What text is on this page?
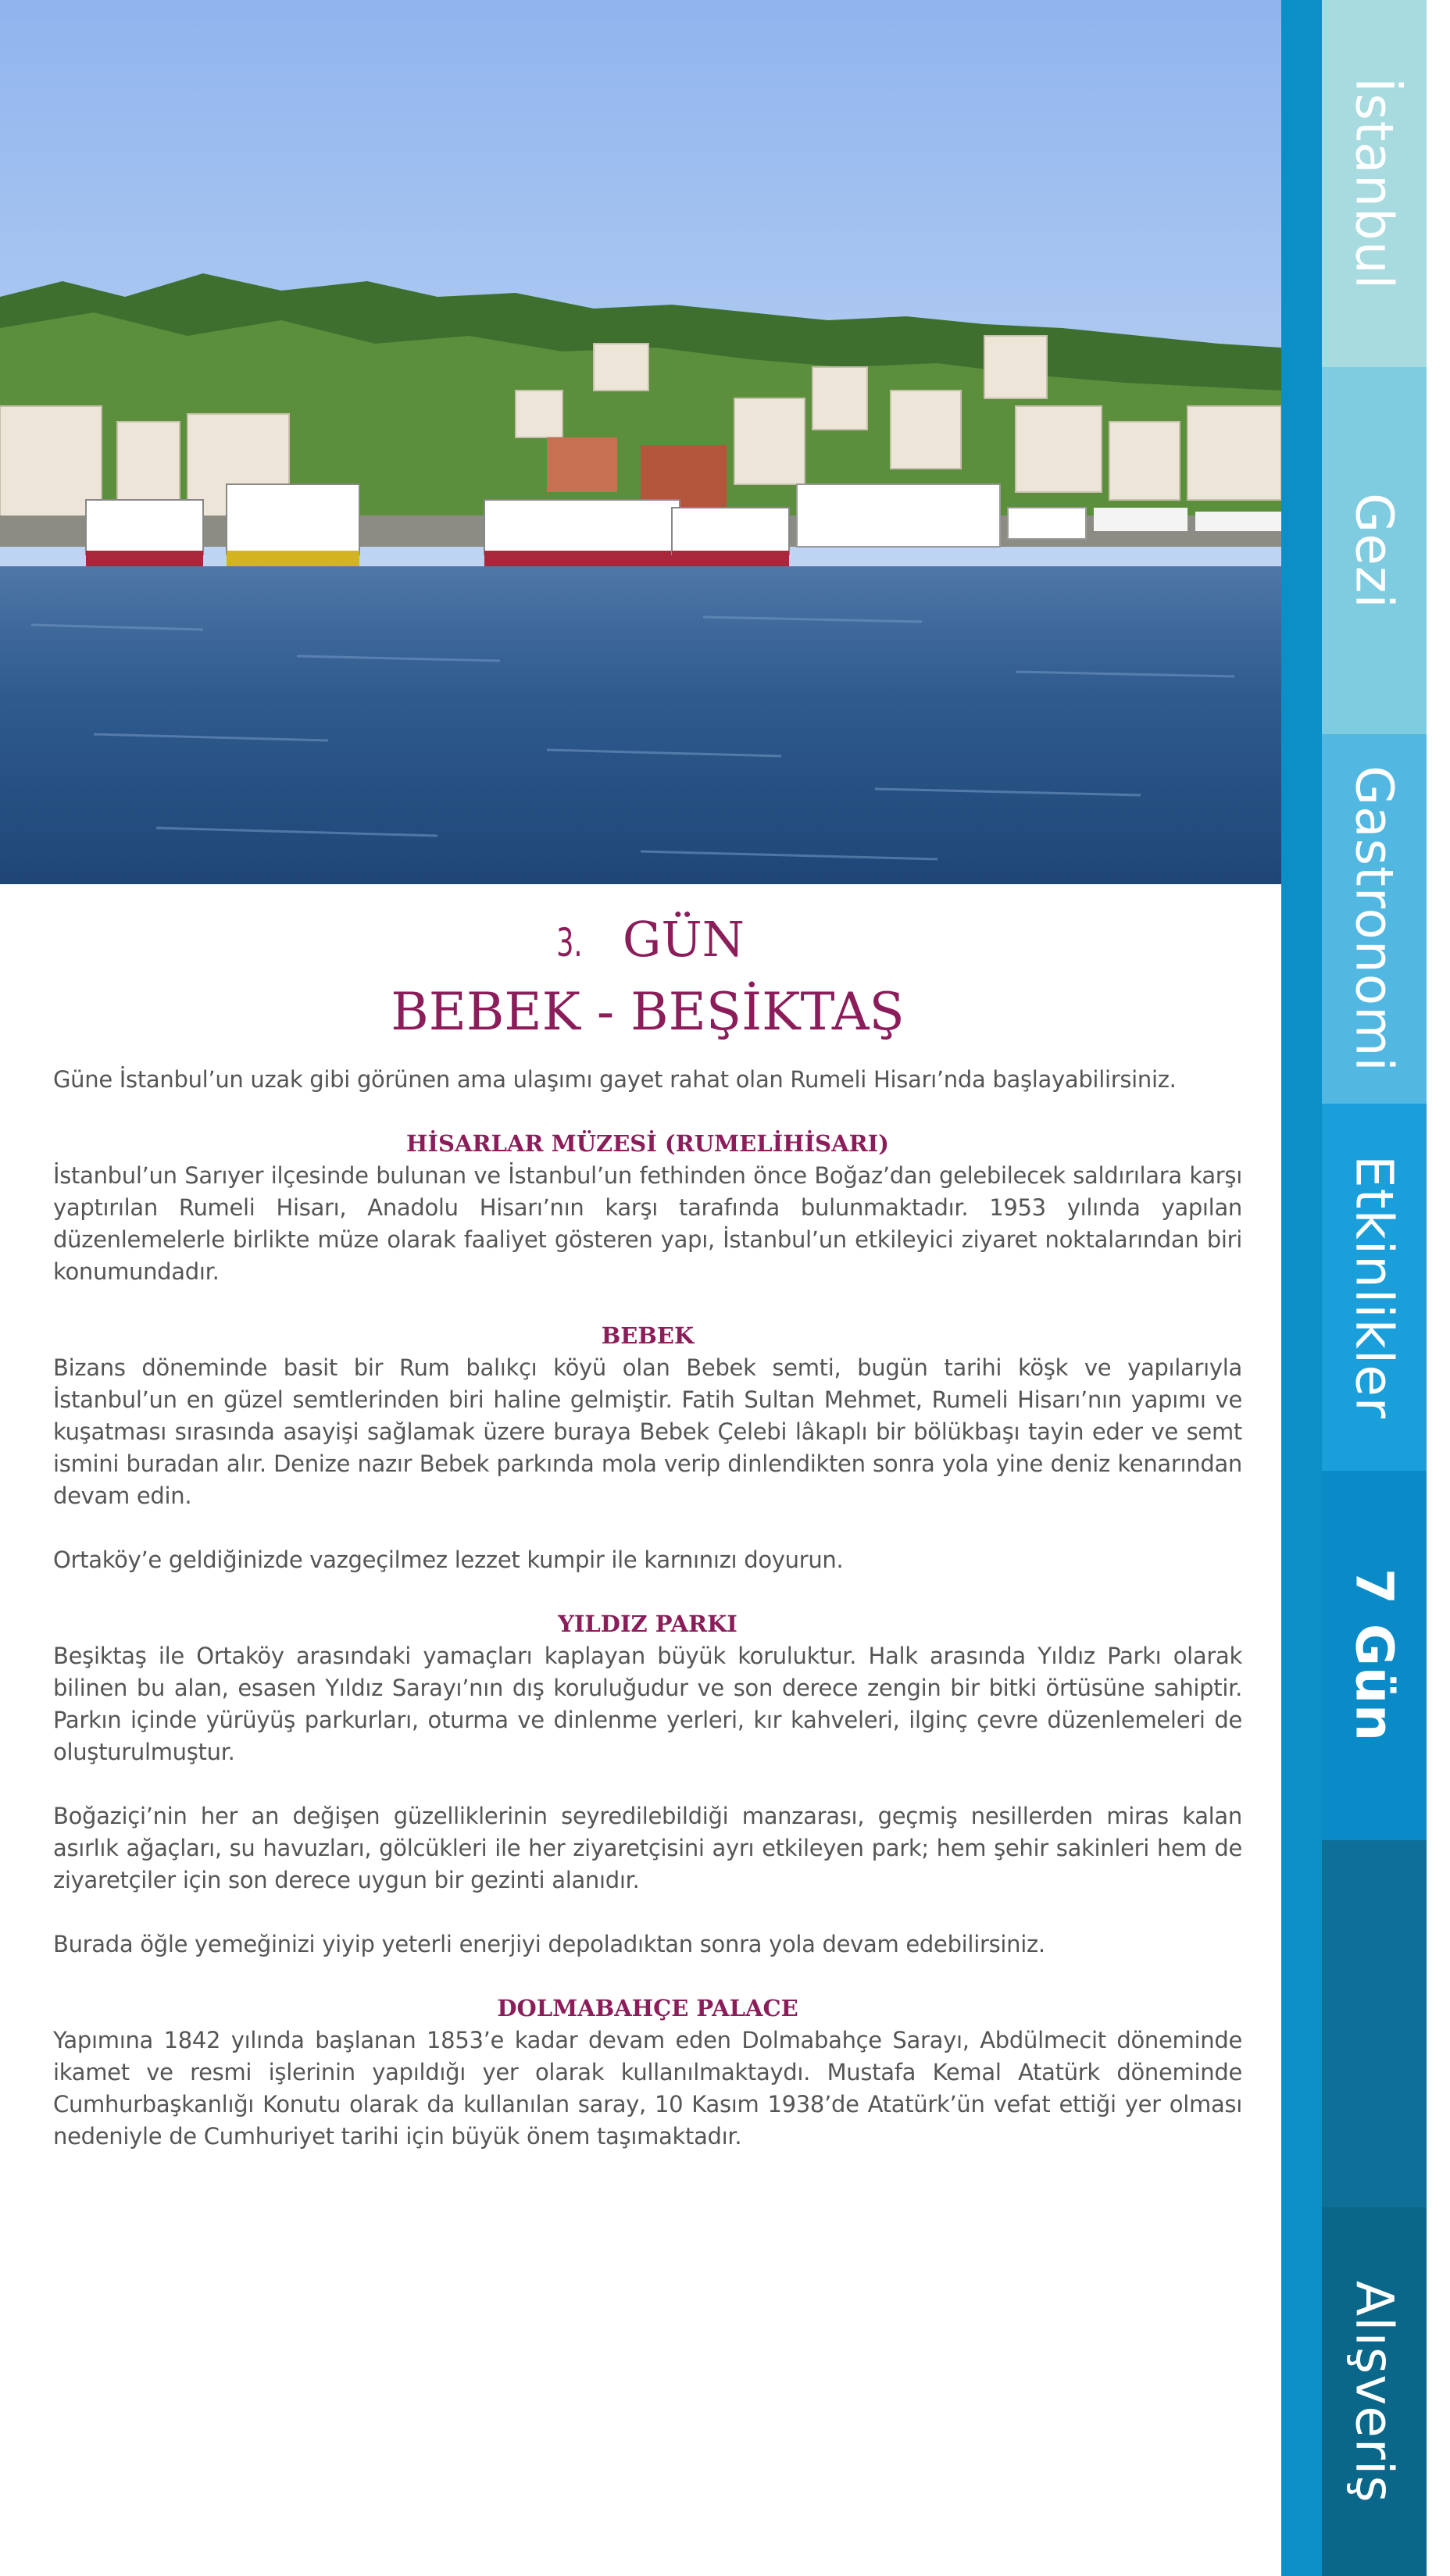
İstanbul
Gezi
Gastronomi
Etkinlikler
7 Gün
Alışveriş
3. GÜN
BEBEK - BEŞİKTAŞ

Güne İstanbul’un uzak gibi görünen ama ulaşımı gayet rahat olan Rumeli Hisarı’nda başlayabilirsiniz.

HİSARLAR MÜZESİ (RUMELİHİSARI)

İstanbul’un Sarıyer ilçesinde bulunan ve İstanbul’un fethinden önce Boğaz’dan gelebilecek saldırılara karşı yaptırılan Rumeli Hisarı, Anadolu Hisarı’nın karşı tarafında bulunmaktadır. 1953 yılında yapılan düzenlemelerle birlikte müze olarak faaliyet gösteren yapı, İstanbul’un etkileyici ziyaret noktalarından biri konumundadır.

BEBEK

Bizans döneminde basit bir Rum balıkçı köyü olan Bebek semti, bugün tarihi köşk ve yapılarıyla İstanbul’un en güzel semtlerinden biri haline gelmiştir. Fatih Sultan Mehmet, Rumeli Hisarı’nın yapımı ve kuşatması sırasında asayişi sağlamak üzere buraya Bebek Çelebi lâkaplı bir bölükbaşı tayin eder ve semt ismini buradan alır. Denize nazır Bebek parkında mola verip dinlendikten sonra yola yine deniz kenarından devam edin.

Ortaköy’e geldiğinizde vazgeçilmez lezzet kumpir ile karnınızı doyurun.

YILDIZ PARKI

Beşiktaş ile Ortaköy arasındaki yamaçları kaplayan büyük koruluktur. Halk arasında Yıldız Parkı olarak bilinen bu alan, esasen Yıldız Sarayı’nın dış koruluğudur ve son derece zengin bir bitki örtüsüne sahiptir. Parkın içinde yürüyüş parkurları, oturma ve dinlenme yerleri, kır kahveleri, ilginç çevre düzenlemeleri de oluşturulmuştur.

Boğaziçi’nin her an değişen güzelliklerinin seyredilebildiği manzarası, geçmiş nesillerden miras kalan asırlık ağaçları, su havuzları, gölcükleri ile her ziyaretçisini ayrı etkileyen park; hem şehir sakinleri hem de ziyaretçiler için son derece uygun bir gezinti alanıdır.

Burada öğle yemeğinizi yiyip yeterli enerjiyi depoladıktan sonra yola devam edebilirsiniz.

DOLMABAHÇE PALACE

Yapımına 1842 yılında başlanan 1853’e kadar devam eden Dolmabahçe Sarayı, Abdülmecit döneminde ikamet ve resmi işlerinin yapıldığı yer olarak kullanılmaktaydı. Mustafa Kemal Atatürk döneminde Cumhurbaşkanlığı Konutu olarak da kullanılan saray, 10 Kasım 1938’de Atatürk’ün vefat ettiği yer olması nedeniyle de Cumhuriyet tarihi için büyük önem taşımaktadır.
